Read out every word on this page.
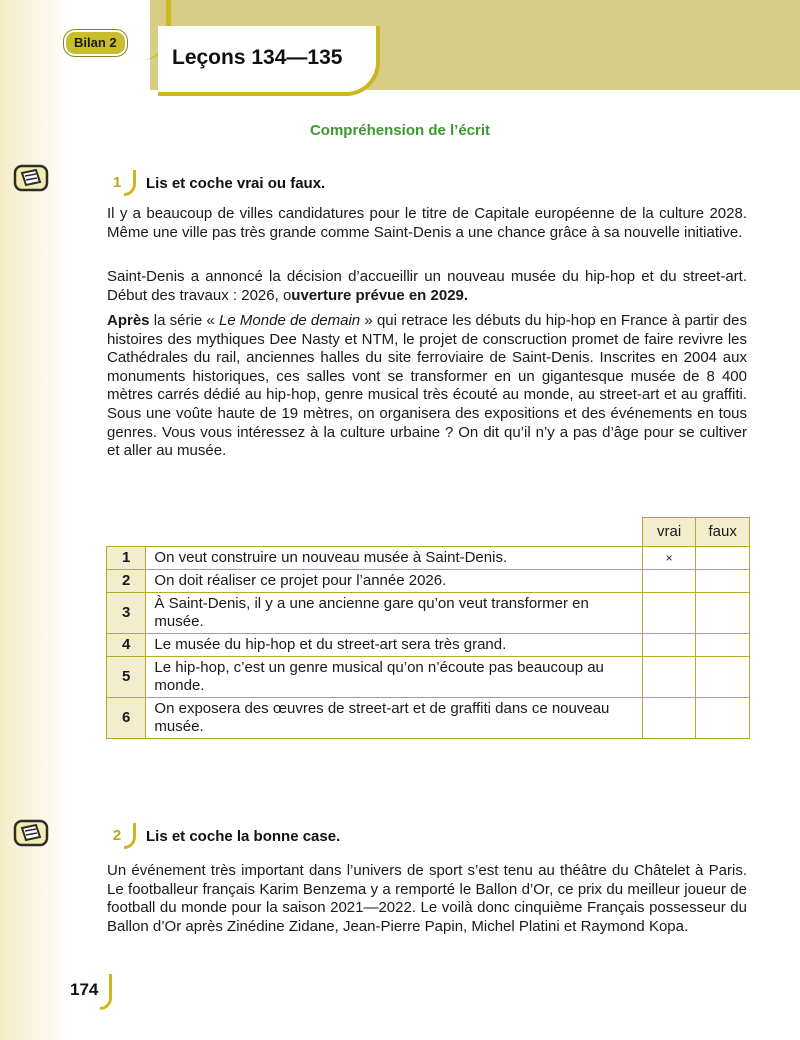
Bilan 2
Leçons 134—135
Compréhension de l’écrit
1	Lis et coche vrai ou faux.

Il y a beaucoup de villes candidatures pour le titre de Capitale européenne de la culture 2028. Même une ville pas très grande comme Saint-Denis a une chance grâce à sa nouvelle initiative.

Saint-Denis a annoncé la décision d’accueillir un nouveau musée du hip-hop et du street-art. Début des travaux : 2026, ouverture prévue en 2029.

Après la série « Le Monde de demain » qui retrace les débuts du hip-hop en France à partir des histoires des mythiques Dee Nasty et NTM, le projet de conscruction promet de faire revivre les Cathédrales du rail, anciennes halles du site ferroviaire de Saint-Denis. Inscrites en 2004 aux monuments historiques, ces salles vont se transformer en un gigantesque musée de 8 400 mètres carrés dédié au hip-hop, genre musical très écouté au monde, au street-art et au graffiti. Sous une voûte haute de 19 mètres, on organisera des expositions et des événements en tous genres. Vous vous intéressez à la culture urbaine ? On dit qu’il n’y a pas d’âge pour se cultiver et aller au musée.

		vrai	faux
1	On veut construire un nouveau musée à Saint-Denis.	×	
2	On doit réaliser ce projet pour l’année 2026.		
3	À Saint-Denis, il y a une ancienne gare qu’on veut transformer en musée.		
4	Le musée du hip-hop et du street-art sera très grand.		
5	Le hip-hop, c’est un genre musical qu’on n’écoute pas beaucoup au monde.		
6	On exposera des œuvres de street-art et de graffiti dans ce nouveau musée.		
2	Lis et coche la bonne case.

Un événement très important dans l’univers de sport s’est tenu au théâtre du Châtelet à Paris. Le footballeur français Karim Benzema y a remporté le Ballon d’Or, ce prix du meilleur joueur de football du monde pour la saison 2021—2022. Le voilà donc cinquième Français possesseur du Ballon d’Or après Zinédine Zidane, Jean-Pierre Papin, Michel Platini et Raymond Kopa.

174
